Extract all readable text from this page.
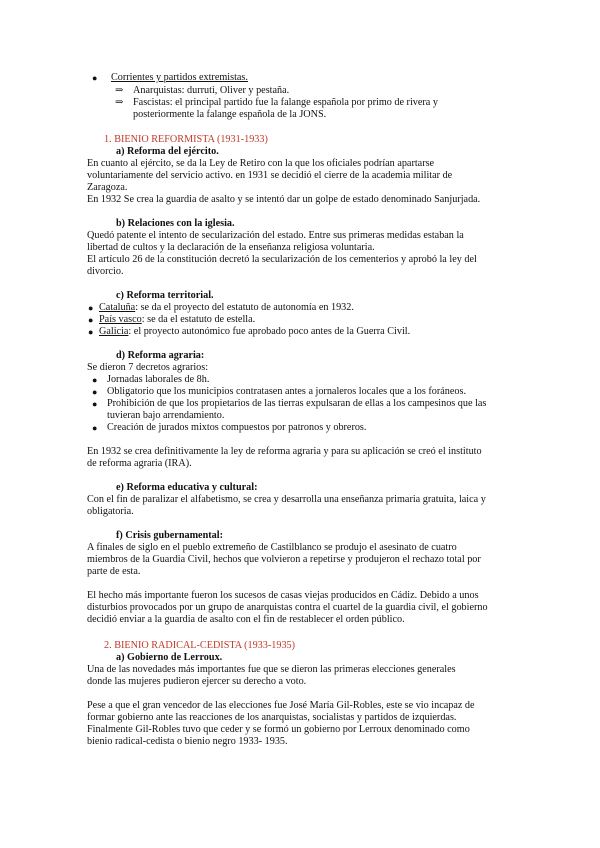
● Corrientes y partidos extremistas.

⇒ Anarquistas: durruti, Oliver y pestaña.

⇒ Fascistas: el principal partido fue la falange española por primo de rivera y

posteriormente la falange española de la JONS.

1. BIENIO REFORMISTA (1931-1933)

a) Reforma del ejército.

En cuanto al ejército, se da la Ley de Retiro con la que los oficiales podrían apartarse

voluntariamente del servicio activo. en 1931 se decidió el cierre de la academia militar de

Zaragoza.

En 1932 Se crea la guardia de asalto y se intentó dar un golpe de estado denominado Sanjurjada.

b) Relaciones con la iglesia.

Quedó patente el intento de secularización del estado. Entre sus primeras medidas estaban la

libertad de cultos y la declaración de la enseñanza religiosa voluntaria.

El artículo 26 de la constitución decretó la secularización de los cementerios y aprobó la ley del

divorcio.

c) Reforma territorial.

● Cataluña: se da el proyecto del estatuto de autonomía en 1932.

● País vasco: se da el estatuto de estella.

● Galicia: el proyecto autonómico fue aprobado poco antes de la Guerra Civil.

d) Reforma agraria:

Se dieron 7 decretos agrarios:

● Jornadas laborales de 8h.

● Obligatorio que los municipios contratasen antes a jornaleros locales que a los foráneos.

● Prohibición de que los propietarios de las tierras expulsaran de ellas a los campesinos que las

tuvieran bajo arrendamiento.

● Creación de jurados mixtos compuestos por patronos y obreros.

En 1932 se crea definitivamente la ley de reforma agraria y para su aplicación se creó el instituto

de reforma agraria (IRA).

e) Reforma educativa y cultural:

Con el fin de paralizar el alfabetismo, se crea y desarrolla una enseñanza primaria gratuita, laica y

obligatoria.

f) Crisis gubernamental:

A finales de siglo en el pueblo extremeño de Castilblanco se produjo el asesinato de cuatro

miembros de la Guardia Civil, hechos que volvieron a repetirse y produjeron el rechazo total por

parte de esta.

El hecho más importante fueron los sucesos de casas viejas producidos en Cádiz. Debido a unos

disturbios provocados por un grupo de anarquistas contra el cuartel de la guardia civil, el gobierno

decidió enviar a la guardia de asalto con el fin de restablecer el orden público.

2. BIENIO RADICAL-CEDISTA (1933-1935)

a) Gobierno de Lerroux.

Una de las novedades más importantes fue que se dieron las primeras elecciones generales

donde las mujeres pudieron ejercer su derecho a voto.

Pese a que el gran vencedor de las elecciones fue José María Gil-Robles, este se vio incapaz de

formar gobierno ante las reacciones de los anarquistas, socialistas y partidos de izquierdas.

Finalmente Gil-Robles tuvo que ceder y se formó un gobierno por Lerroux denominado como

bienio radical-cedista o bienio negro 1933- 1935.
